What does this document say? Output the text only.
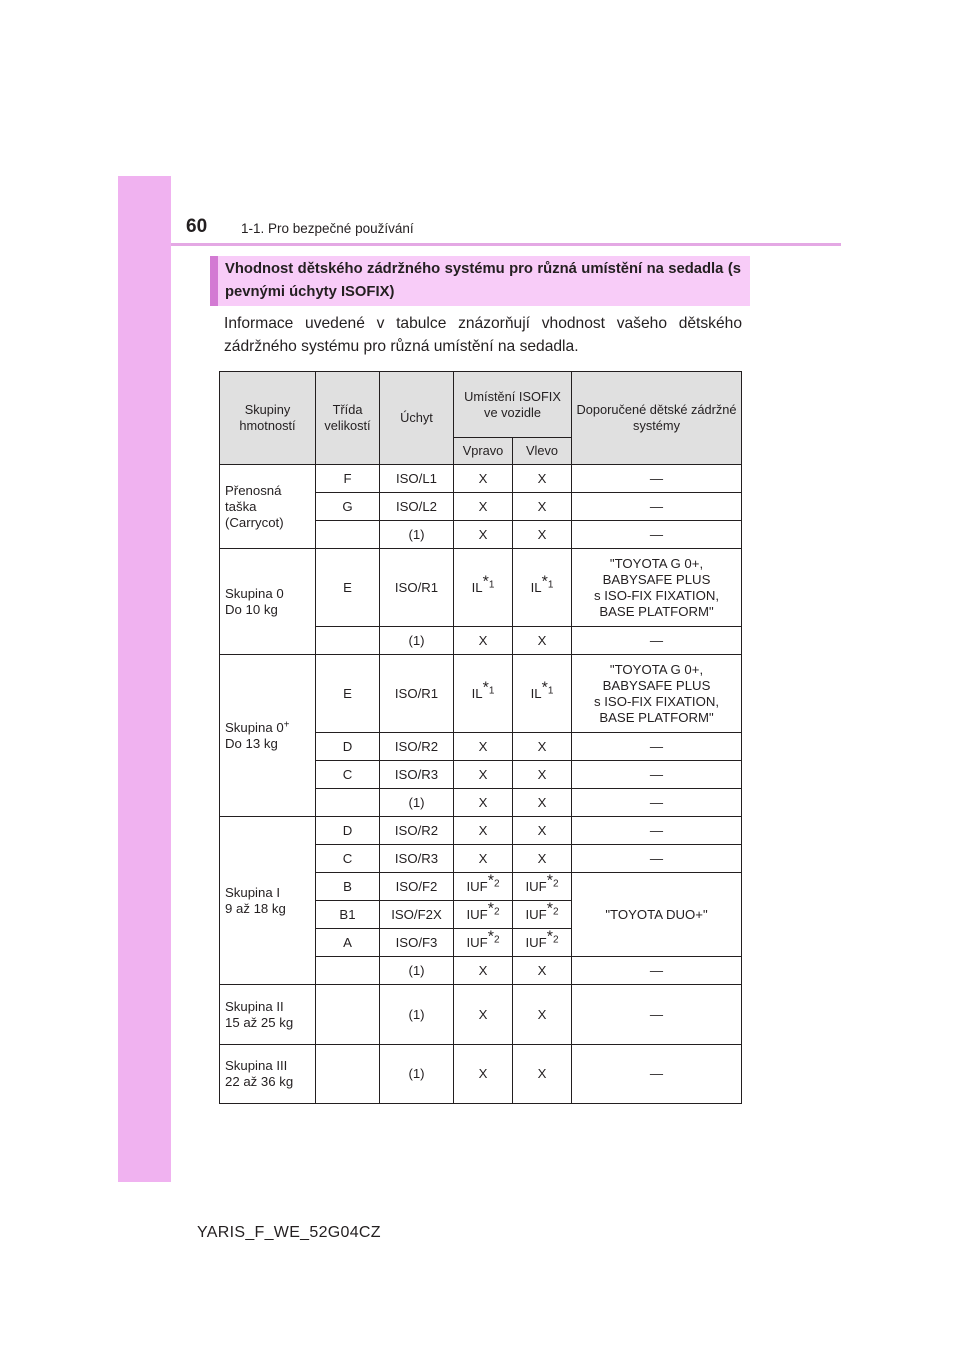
60	1-1. Pro bezpečné používání
Vhodnost dětského zádržného systému pro různá umístění na sedadla (s pevnými úchyty ISOFIX)
Informace uvedené v tabulce znázorňují vhodnost vašeho dětského zádržného systému pro různá umístění na sedadla.
Skupiny hmotností	Třída velikostí	Úchyt	Umístění ISOFIX ve vozidle		Doporučené dětské zádržné systémy
			Vpravo	Vlevo	
Přenosná
taška
(Carrycot)	F	ISO/L1	X	X	—
	G	ISO/L2	X	X	—
		(1)	X	X	—
Skupina 0
Do 10 kg	E	ISO/R1	IL*$^1$	IL*$^1$	"TOYOTA G 0+,
BABYSAFE PLUS
s ISO-FIX FIXATION,
BASE PLATFORM"
		(1)	X	X	—
Skupina 0+
Do 13 kg	E	ISO/R1	IL*$^1$	IL*$^1$	"TOYOTA G 0+,
BABYSAFE PLUS
s ISO-FIX FIXATION,
BASE PLATFORM"
	D	ISO/R2	X	X	—
	C	ISO/R3	X	X	—
		(1)	X	X	—
Skupina I
9 až 18 kg	D	ISO/R2	X	X	—
	C	ISO/R3	X	X	—
	B	ISO/F2	IUF*$^2$	IUF*$^2$	"TOYOTA DUO+"
	B1	ISO/F2X	IUF*$^2$	IUF*$^2$
	A	ISO/F3	IUF*$^2$	IUF*$^2$
		(1)	X	X	—
Skupina II
15 až 25 kg		(1)	X	X	—
Skupina III
22 až 36 kg		(1)	X	X	—
YARIS_F_WE_52G04CZ
